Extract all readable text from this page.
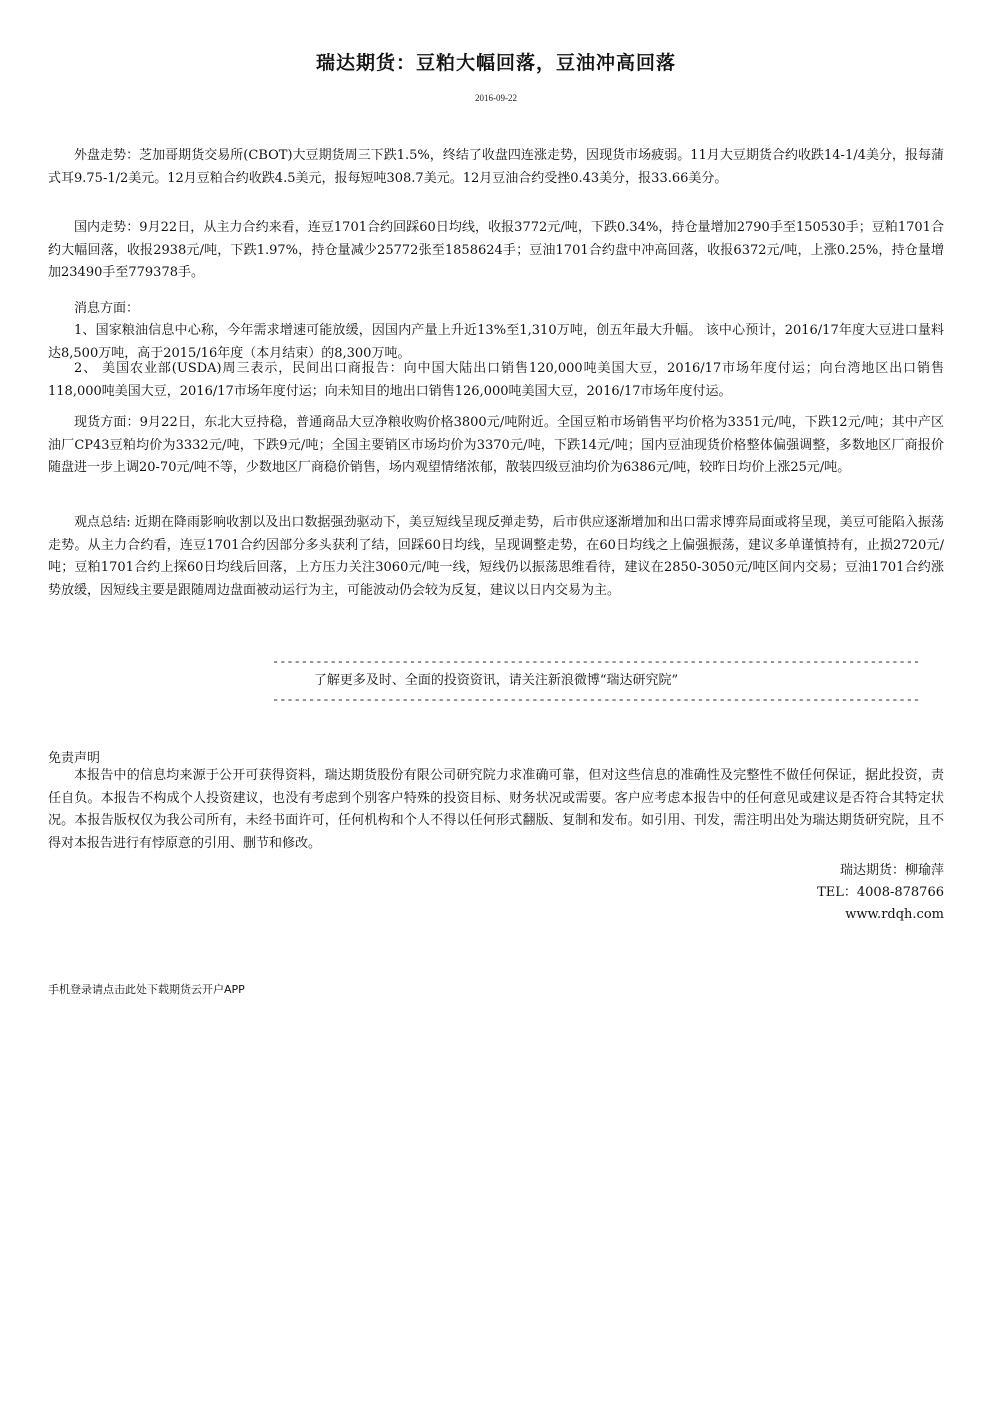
瑞达期货：豆粕大幅回落，豆油冲高回落
2016-09-22

外盘走势：芝加哥期货交易所(CBOT)大豆期货周三下跌1.5%，终结了收盘四连涨走势，因现货市场疲弱。11月大豆期货合约收跌14-1/4美分，报每蒲式耳9.75-1/2美元。12月豆粕合约收跌4.5美元，报每短吨308.7美元。12月豆油合约受挫0.43美分，报33.66美分。

国内走势：9月22日，从主力合约来看，连豆1701合约回踩60日均线，收报3772元/吨，下跌0.34%，持仓量增加2790手至150530手；豆粕1701合约大幅回落，收报2938元/吨，下跌1.97%，持仓量减少25772张至1858624手；豆油1701合约盘中冲高回落，收报6372元/吨，上涨0.25%，持仓量增加23490手至779378手。

消息方面：

1、国家粮油信息中心称，今年需求增速可能放缓，因国内产量上升近13%至1,310万吨，创五年最大升幅。 该中心预计，2016/17年度大豆进口量料达8,500万吨，高于2015/16年度（本月结束）的8,300万吨。

2、 美国农业部(USDA)周三表示，民间出口商报告：向中国大陆出口销售120,000吨美国大豆，2016/17市场年度付运；向台湾地区出口销售118,000吨美国大豆，2016/17市场年度付运；向未知目的地出口销售126,000吨美国大豆，2016/17市场年度付运。

现货方面：9月22日，东北大豆持稳，普通商品大豆净粮收购价格3800元/吨附近。全国豆粕市场销售平均价格为3351元/吨，下跌12元/吨；其中产区油厂CP43豆粕均价为3332元/吨，下跌9元/吨；全国主要销区市场均价为3370元/吨，下跌14元/吨；国内豆油现货价格整体偏强调整，多数地区厂商报价随盘进一步上调20-70元/吨不等，少数地区厂商稳价销售，场内观望情绪浓郁，散装四级豆油均价为6386元/吨，较昨日均价上涨25元/吨。

观点总结: 近期在降雨影响收割以及出口数据强劲驱动下，美豆短线呈现反弹走势，后市供应逐渐增加和出口需求博弈局面或将呈现，美豆可能陷入振荡走势。从主力合约看，连豆1701合约因部分多头获利了结，回踩60日均线，呈现调整走势，在60日均线之上偏强振荡，建议多单谨慎持有，止损2720元/吨；豆粕1701合约上探60日均线后回落，上方压力关注3060元/吨一线，短线仍以振荡思维看待，建议在2850-3050元/吨区间内交易；豆油1701合约涨势放缓，因短线主要是跟随周边盘面被动运行为主，可能波动仍会较为反复，建议以日内交易为主。

------------------------------------------------------------------------------------------
了解更多及时、全面的投资资讯，请关注新浪微博“瑞达研究院”
------------------------------------------------------------------------------------------
免责声明

本报告中的信息均来源于公开可获得资料，瑞达期货股份有限公司研究院力求准确可靠，但对这些信息的准确性及完整性不做任何保证，据此投资，责任自负。本报告不构成个人投资建议，也没有考虑到个别客户特殊的投资目标、财务状况或需要。客户应考虑本报告中的任何意见或建议是否符合其特定状况。本报告版权仅为我公司所有，未经书面许可，任何机构和个人不得以任何形式翻版、复制和发布。如引用、刊发，需注明出处为瑞达期货研究院，且不得对本报告进行有悖原意的引用、删节和修改。

瑞达期货：柳瑜萍
TEL：4008-878766
www.rdqh.com
手机登录请点击此处下载期货云开户APP
